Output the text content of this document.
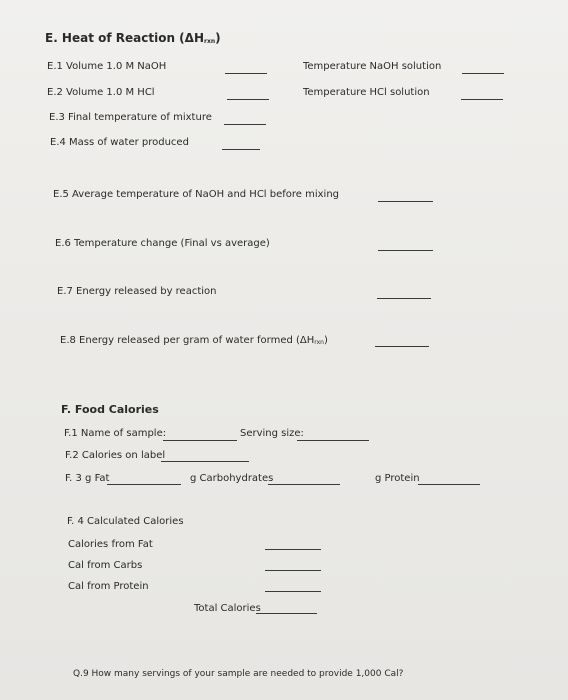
E. Heat of Reaction (ΔHrxn)
E.1 Volume 1.0 M NaOH	Temperature NaOH solution
E.2 Volume 1.0 M HCl	Temperature HCl solution
E.3 Final temperature of mixture
E.4 Mass of water produced
E.5 Average temperature of NaOH and HCl before mixing
E.6 Temperature change (Final vs average)
E.7 Energy released by reaction
E.8 Energy released per gram of water formed (ΔHrxn)
F. Food Calories
F.1 Name of sample:	Serving size:
F.2 Calories on label
F. 3 g Fat	g Carbohydrates	g Protein
F. 4 Calculated Calories
Calories from Fat
Cal from Carbs
Cal from Protein
Total Calories
Q.9 How many servings of your sample are needed to provide 1,000 Cal?
